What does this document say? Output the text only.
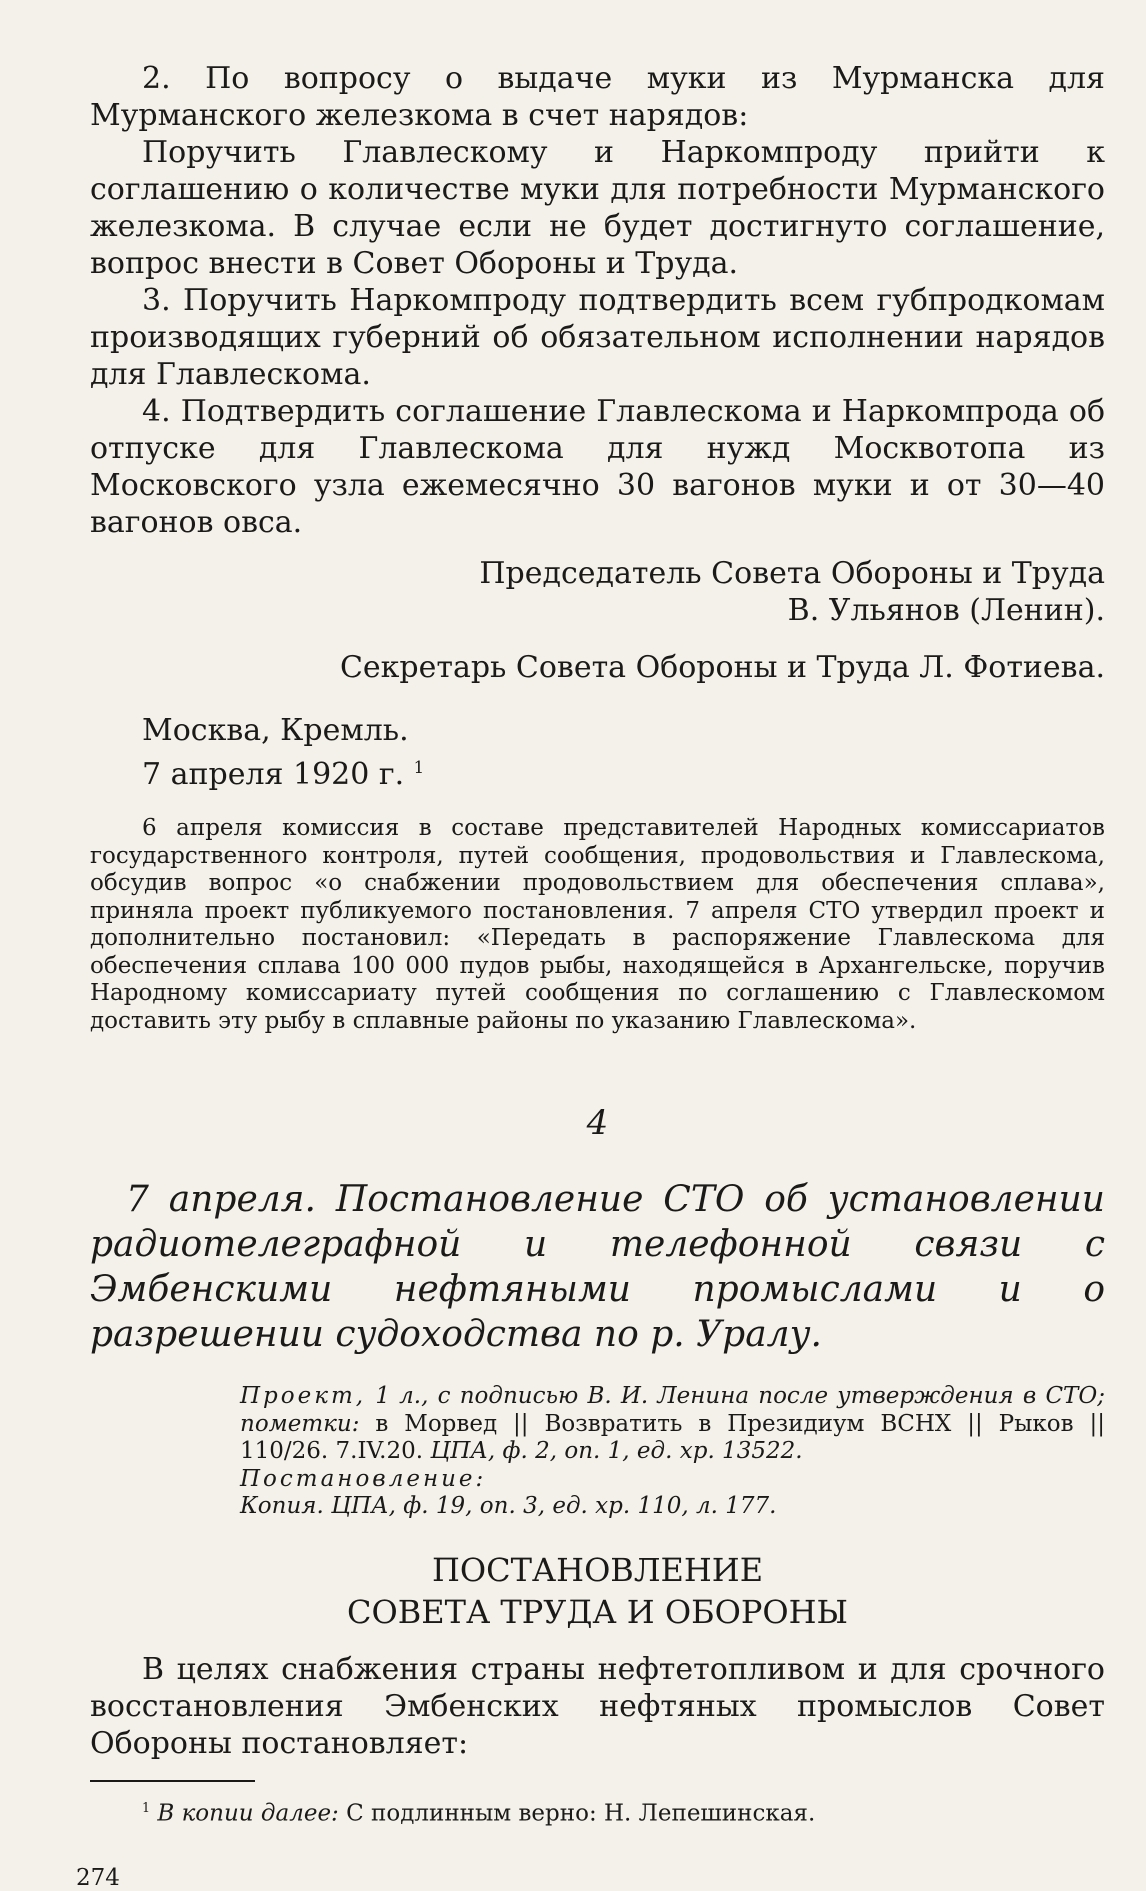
2. По вопросу о выдаче муки из Мурманска для Мурманского железкома в счет нарядов:

Поручить Главлескому и Наркомпроду прийти к соглашению о количестве муки для потребности Мурманского железкома. В случае если не будет достигнуто соглашение, вопрос внести в Совет Обороны и Труда.

3. Поручить Наркомпроду подтвердить всем губпродкомам производящих губерний об обязательном исполнении нарядов для Главлескома.

4. Подтвердить соглашение Главлескома и Наркомпрода об отпуске для Главлескома для нужд Москвотопа из Московского узла ежемесячно 30 вагонов муки и от 30—40 вагонов овса.

Председатель Совета Обороны и Труда

В. Ульянов (Ленин).

Секретарь Совета Обороны и Труда Л. Фотиева.

Москва, Кремль.
7 апреля 1920 г. $^1$

6 апреля комиссия в составе представителей Народных комиссариатов государственного контроля, путей сообщения, продовольствия и Главлескома, обсудив вопрос «о снабжении продовольствием для обеспечения сплава», приняла проект публикуемого постановления. 7 апреля СТО утвердил проект и дополнительно постановил: «Передать в распоряжение Главлескома для обеспечения сплава 100 000 пудов рыбы, находящейся в Архангельске, поручив Народному комиссариату путей сообщения по соглашению с Главлескомом доставить эту рыбу в сплавные районы по указанию Главлескома».

4

7 апреля. Постановление СТО об установлении радиотелеграфной и телефонной связи с Эмбенскими нефтяными промыслами и о разрешении судоходства по р. Уралу.

Проект, 1 л., с подписью В. И. Ленина после утверждения в СТО; пометки: в Морвед || Возвратить в Президиум ВСНХ || Рыков || 110/26. 7.IV.20. ЦПА, ф. 2, оп. 1, ед. хр. 13522.
Постановление:
Копия. ЦПА, ф. 19, оп. 3, ед. хр. 110, л. 177.
ПОСТАНОВЛЕНИЕ
СОВЕТА ТРУДА И ОБОРОНЫ

В целях снабжения страны нефтетопливом и для срочного восстановления Эмбенских нефтяных промыслов Совет Обороны постановляет:

$^1$ В копии далее: С подлинным верно: Н. Лепешинская.

274
